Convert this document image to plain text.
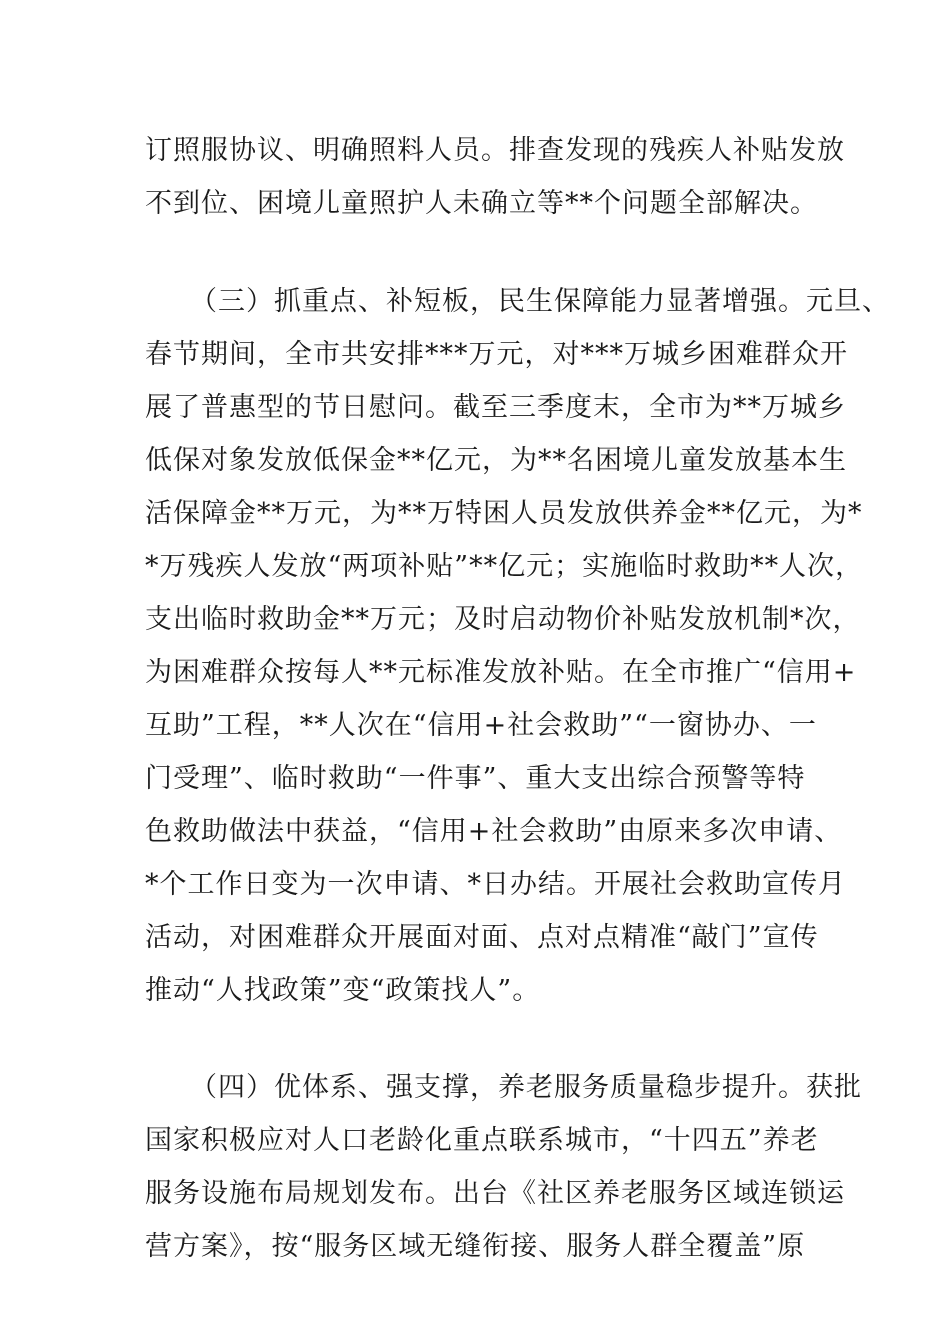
订照服协议、明确照料人员。排查发现的残疾人补贴发放
不到位、困境儿童照护人未确立等**个问题全部解决。
（三）抓重点、补短板，民生保障能力显著增强。元旦、
春节期间，全市共安排***万元，对***万城乡困难群众开
展了普惠型的节日慰问。截至三季度末，全市为**万城乡
低保对象发放低保金**亿元，为**名困境儿童发放基本生
活保障金**万元，为**万特困人员发放供养金**亿元，为*
*万残疾人发放“两项补贴”**亿元；实施临时救助**人次，
支出临时救助金**万元；及时启动物价补贴发放机制*次，
为困难群众按每人**元标准发放补贴。在全市推广“信用+
互助”工程，**人次在“信用+社会救助”“一窗协办、一
门受理”、临时救助“一件事”、重大支出综合预警等特
色救助做法中获益，“信用+社会救助”由原来多次申请、
*个工作日变为一次申请、*日办结。开展社会救助宣传月
活动，对困难群众开展面对面、点对点精准“敲门”宣传
推动“人找政策”变“政策找人”。
（四）优体系、强支撑，养老服务质量稳步提升。获批
国家积极应对人口老龄化重点联系城市，“十四五”养老
服务设施布局规划发布。出台《社区养老服务区域连锁运
营方案》，按“服务区域无缝衔接、服务人群全覆盖”原
